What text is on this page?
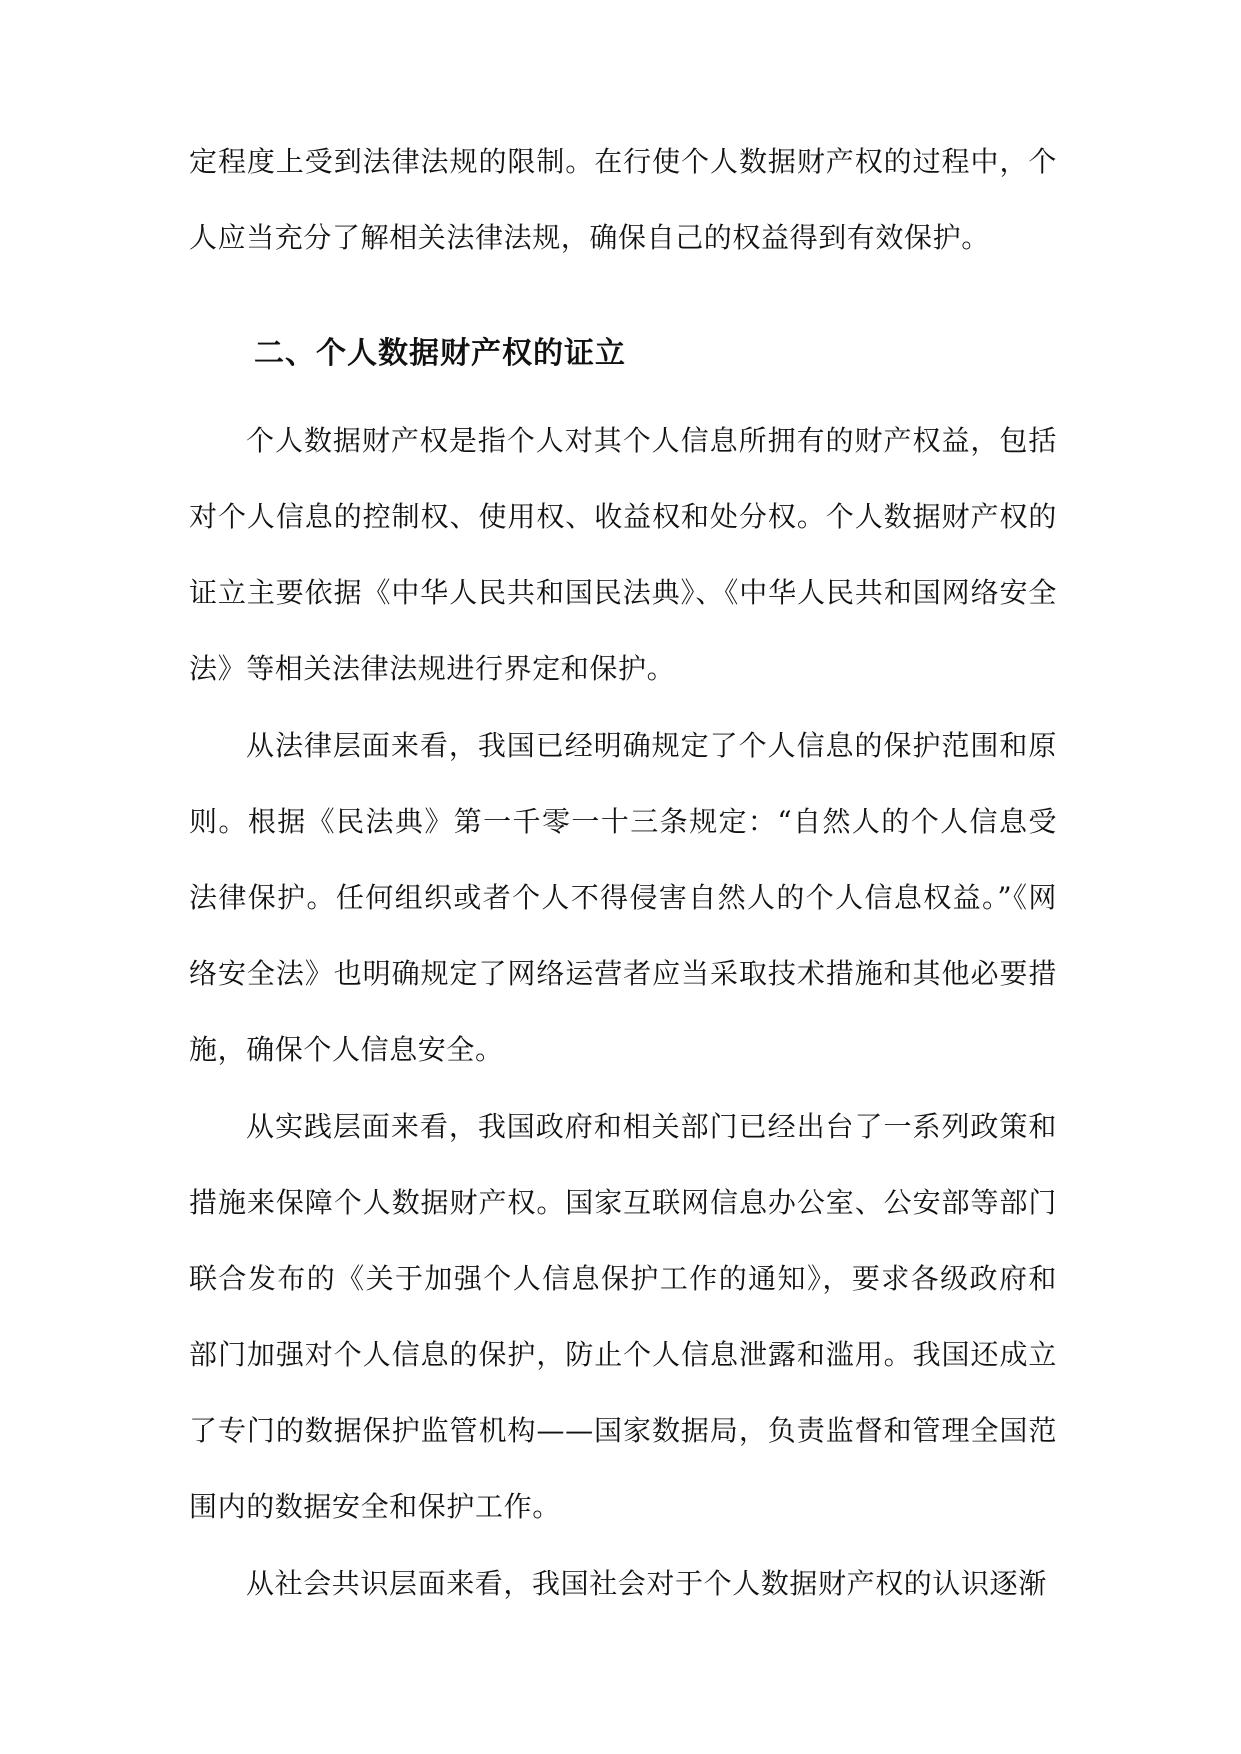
定程度上受到法律法规的限制。在行使个人数据财产权的过程中，个人应当充分了解相关法律法规，确保自己的权益得到有效保护。

二、个人数据财产权的证立

个人数据财产权是指个人对其个人信息所拥有的财产权益，包括对个人信息的控制权、使用权、收益权和处分权。个人数据财产权的证立主要依据《中华人民共和国民法典》、《中华人民共和国网络安全法》等相关法律法规进行界定和保护。

从法律层面来看，我国已经明确规定了个人信息的保护范围和原则。根据《民法典》第一千零一十三条规定：“自然人的个人信息受法律保护。任何组织或者个人不得侵害自然人的个人信息权益。”《网络安全法》也明确规定了网络运营者应当采取技术措施和其他必要措施，确保个人信息安全。

从实践层面来看，我国政府和相关部门已经出台了一系列政策和措施来保障个人数据财产权。国家互联网信息办公室、公安部等部门联合发布的《关于加强个人信息保护工作的通知》，要求各级政府和部门加强对个人信息的保护，防止个人信息泄露和滥用。我国还成立了专门的数据保护监管机构——国家数据局，负责监督和管理全国范围内的数据安全和保护工作。

从社会共识层面来看，我国社会对于个人数据财产权的认识逐渐
